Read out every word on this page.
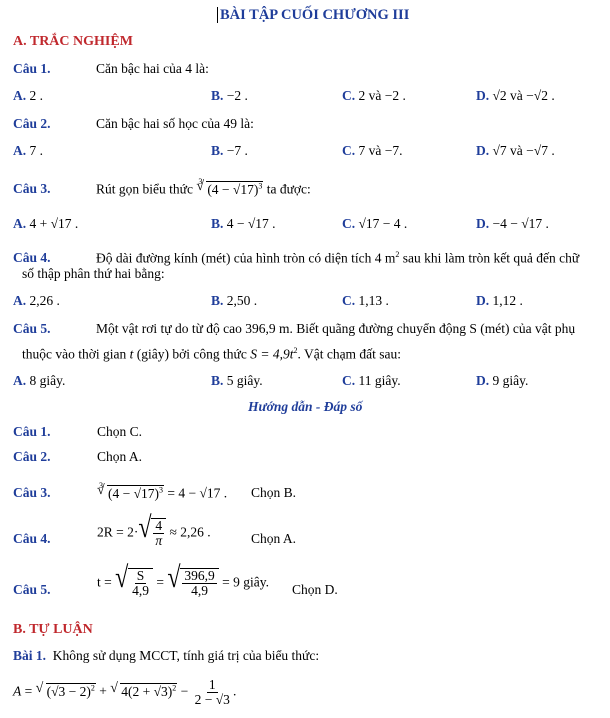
BÀI TẬP CUỐI CHƯƠNG III
A. TRẮC NGHIỆM
Câu 1.	Căn bậc hai của 4 là:
A. 2 .	B. −2 .	C. 2 và −2 .	D. √2 và −√2 .
Câu 2.	Căn bậc hai số học của 49 là:
A. 7 .	B. −7 .	C. 7 và −7.	D. √7 và −√7 .
Câu 3.	Rút gọn biểu thức √ 3 $(4 - √17)^3$ ta được:
A. 4 + √17 .	B. 4 − √17 .	C. √17 − 4 .	D. −4 − √17 .
Câu 4.	Độ dài đường kính (mét) của hình tròn có diện tích 4 $m^2$ sau khi làm tròn kết quả đến chữ
số thập phân thứ hai bằng:
A. 2,26 .	B. 2,50 .	C. 1,13 .	D. 1,12 .
Câu 5.	Một vật rơi tự do từ độ cao 396,9 m. Biết quãng đường chuyển động S (mét) của vật phụ
thuộc vào thời gian t (giây) bởi công thức $S = 4,9t^2$. Vật chạm đất sau:
A. 8 giây.	B. 5 giây.	C. 11 giây.	D. 9 giây.
Hướng dẫn - Đáp số
Câu 1.	Chọn C.
Câu 2.	Chọn A.
Câu 3.	√ 3 $(4 - √17)^3 = 4 - √17$ . Chọn B.
Câu 4.	2R = 2· √ $\frac{4}{\pi} \approx 2,26$ .	Chọn A.
Câu 5.	t = √ $\frac{S}{4,9}$ = √ $\frac{396,9}{4,9} = 9$ giây. Chọn D.
B. TỰ LUẬN
Bài 1. Không sử dụng MCCT, tính giá trị của biểu thức:
A = √ $(√3 - 2)^2$ + √ $4(2 + √3)^2 - \frac{1}{2 - √3}$ .
